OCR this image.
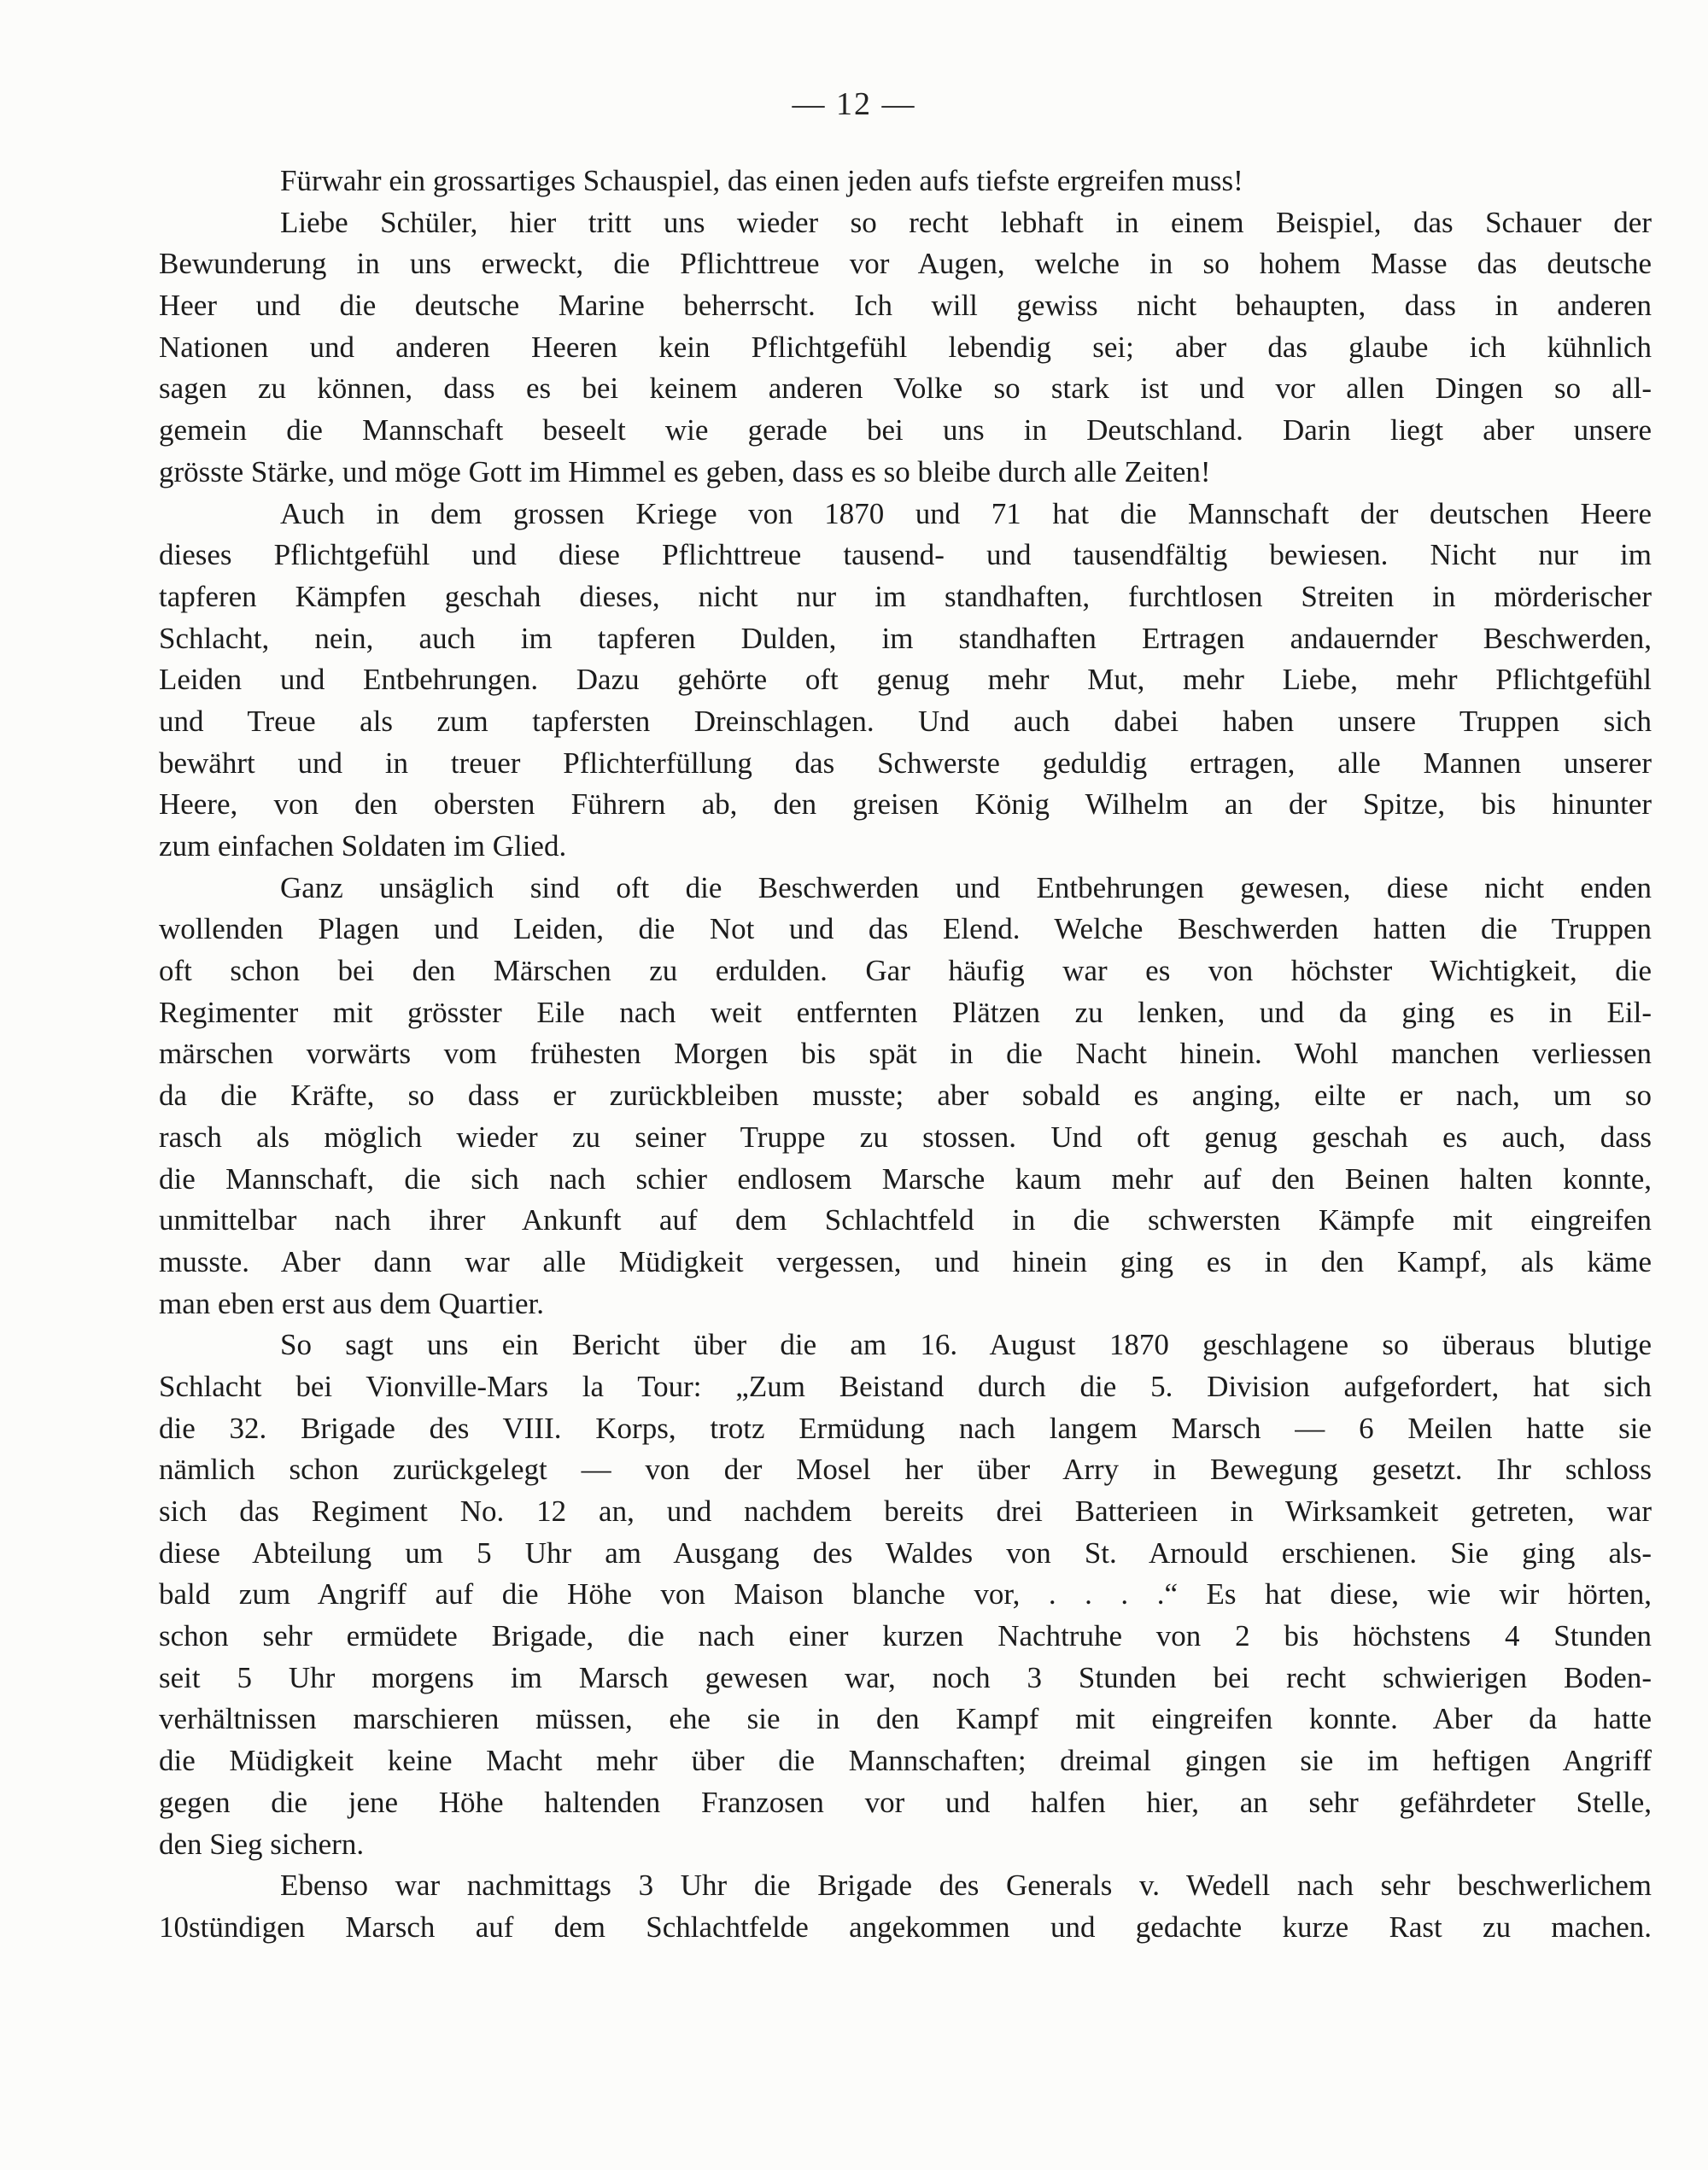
— 12 —
Fürwahr ein grossartiges Schauspiel, das einen jeden aufs tiefste ergreifen muss!
Liebe Schüler, hier tritt uns wieder so recht lebhaft in einem Beispiel, das Schauer der
Bewunderung in uns erweckt, die Pflichttreue vor Augen, welche in so hohem Masse das deutsche
Heer und die deutsche Marine beherrscht. Ich will gewiss nicht behaupten, dass in anderen
Nationen und anderen Heeren kein Pflichtgefühl lebendig sei; aber das glaube ich kühnlich
sagen zu können, dass es bei keinem anderen Volke so stark ist und vor allen Dingen so all-
gemein die Mannschaft beseelt wie gerade bei uns in Deutschland. Darin liegt aber unsere
grösste Stärke, und möge Gott im Himmel es geben, dass es so bleibe durch alle Zeiten!
Auch in dem grossen Kriege von 1870 und 71 hat die Mannschaft der deutschen Heere
dieses Pflichtgefühl und diese Pflichttreue tausend- und tausendfältig bewiesen. Nicht nur im
tapferen Kämpfen geschah dieses, nicht nur im standhaften, furchtlosen Streiten in mörderischer
Schlacht, nein, auch im tapferen Dulden, im standhaften Ertragen andauernder Beschwerden,
Leiden und Entbehrungen. Dazu gehörte oft genug mehr Mut, mehr Liebe, mehr Pflichtgefühl
und Treue als zum tapfersten Dreinschlagen. Und auch dabei haben unsere Truppen sich
bewährt und in treuer Pflichterfüllung das Schwerste geduldig ertragen, alle Mannen unserer
Heere, von den obersten Führern ab, den greisen König Wilhelm an der Spitze, bis hinunter
zum einfachen Soldaten im Glied.
Ganz unsäglich sind oft die Beschwerden und Entbehrungen gewesen, diese nicht enden
wollenden Plagen und Leiden, die Not und das Elend. Welche Beschwerden hatten die Truppen
oft schon bei den Märschen zu erdulden. Gar häufig war es von höchster Wichtigkeit, die
Regimenter mit grösster Eile nach weit entfernten Plätzen zu lenken, und da ging es in Eil-
märschen vorwärts vom frühesten Morgen bis spät in die Nacht hinein. Wohl manchen verliessen
da die Kräfte, so dass er zurückbleiben musste; aber sobald es anging, eilte er nach, um so
rasch als möglich wieder zu seiner Truppe zu stossen. Und oft genug geschah es auch, dass
die Mannschaft, die sich nach schier endlosem Marsche kaum mehr auf den Beinen halten konnte,
unmittelbar nach ihrer Ankunft auf dem Schlachtfeld in die schwersten Kämpfe mit eingreifen
musste. Aber dann war alle Müdigkeit vergessen, und hinein ging es in den Kampf, als käme
man eben erst aus dem Quartier.
So sagt uns ein Bericht über die am 16. August 1870 geschlagene so überaus blutige
Schlacht bei Vionville-Mars la Tour: „Zum Beistand durch die 5. Division aufgefordert, hat sich
die 32. Brigade des VIII. Korps, trotz Ermüdung nach langem Marsch — 6 Meilen hatte sie
nämlich schon zurückgelegt — von der Mosel her über Arry in Bewegung gesetzt. Ihr schloss
sich das Regiment No. 12 an, und nachdem bereits drei Batterieen in Wirksamkeit getreten, war
diese Abteilung um 5 Uhr am Ausgang des Waldes von St. Arnould erschienen. Sie ging als-
bald zum Angriff auf die Höhe von Maison blanche vor, . . . .“ Es hat diese, wie wir hörten,
schon sehr ermüdete Brigade, die nach einer kurzen Nachtruhe von 2 bis höchstens 4 Stunden
seit 5 Uhr morgens im Marsch gewesen war, noch 3 Stunden bei recht schwierigen Boden-
verhältnissen marschieren müssen, ehe sie in den Kampf mit eingreifen konnte. Aber da hatte
die Müdigkeit keine Macht mehr über die Mannschaften; dreimal gingen sie im heftigen Angriff
gegen die jene Höhe haltenden Franzosen vor und halfen hier, an sehr gefährdeter Stelle,
den Sieg sichern.
Ebenso war nachmittags 3 Uhr die Brigade des Generals v. Wedell nach sehr beschwerlichem
10stündigen Marsch auf dem Schlachtfelde angekommen und gedachte kurze Rast zu machen.
